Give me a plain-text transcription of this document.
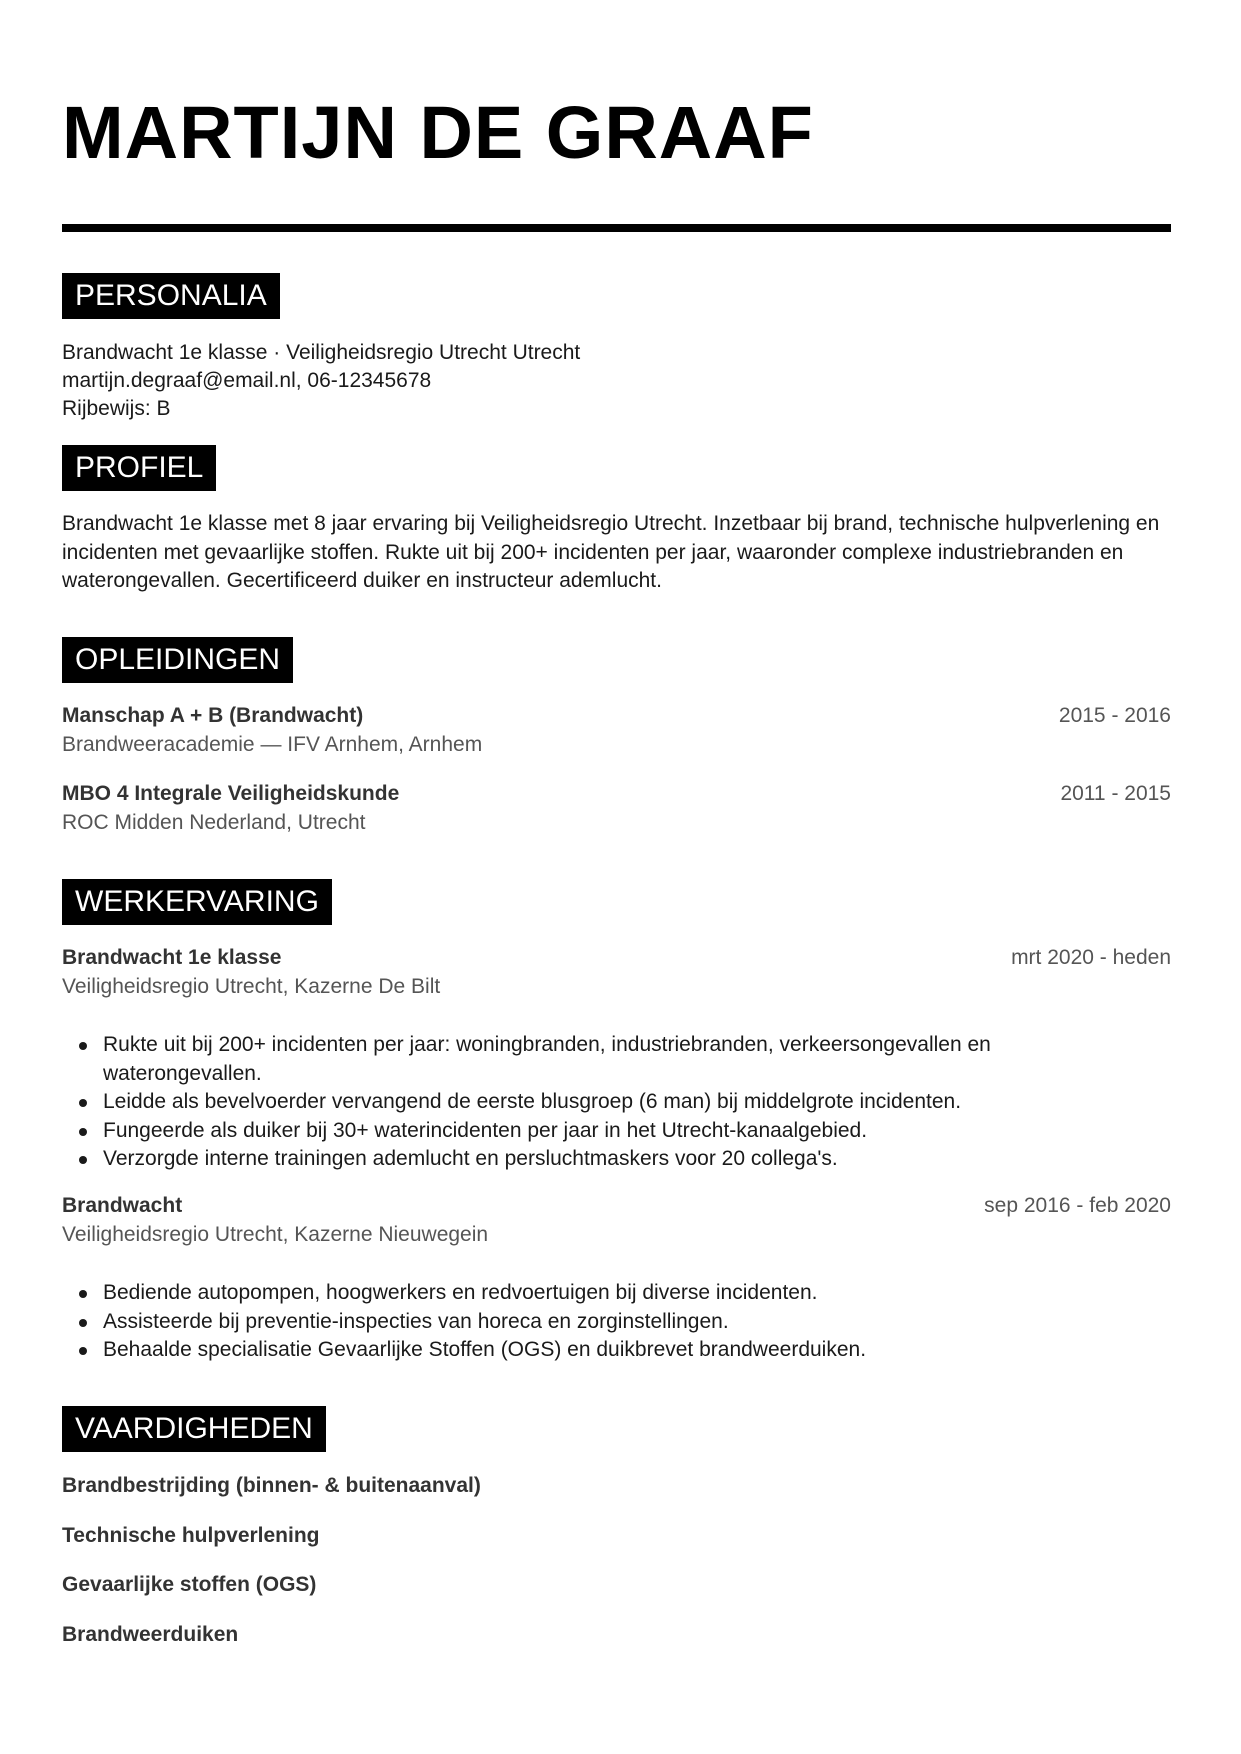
MARTIJN DE GRAAF
PERSONALIA
Brandwacht 1e klasse · Veiligheidsregio Utrecht Utrecht
martijn.degraaf@email.nl, 06-12345678
Rijbewijs: B
PROFIEL

Brandwacht 1e klasse met 8 jaar ervaring bij Veiligheidsregio Utrecht. Inzetbaar bij brand, technische hulpverlening en incidenten met gevaarlijke stoffen. Rukte uit bij 200+ incidenten per jaar, waaronder complexe industriebranden en waterongevallen. Gecertificeerd duiker en instructeur ademlucht.

OPLEIDINGEN
Manschap A + B (Brandwacht)	2015 - 2016
Brandweeracademie — IFV Arnhem, Arnhem
MBO 4 Integrale Veiligheidskunde	2011 - 2015
ROC Midden Nederland, Utrecht
WERKERVARING
Brandwacht 1e klasse	mrt 2020 - heden
Veiligheidsregio Utrecht, Kazerne De Bilt
Rukte uit bij 200+ incidenten per jaar: woningbranden, industriebranden, verkeersongevallen en waterongevallen.
Leidde als bevelvoerder vervangend de eerste blusgroep (6 man) bij middelgrote incidenten.
Fungeerde als duiker bij 30+ waterincidenten per jaar in het Utrecht-kanaalgebied.
Verzorgde interne trainingen ademlucht en persluchtmaskers voor 20 collega's.
Brandwacht	sep 2016 - feb 2020
Veiligheidsregio Utrecht, Kazerne Nieuwegein
Bediende autopompen, hoogwerkers en redvoertuigen bij diverse incidenten.
Assisteerde bij preventie-inspecties van horeca en zorginstellingen.
Behaalde specialisatie Gevaarlijke Stoffen (OGS) en duikbrevet brandweerduiken.
VAARDIGHEDEN
Brandbestrijding (binnen- & buitenaanval)
Technische hulpverlening
Gevaarlijke stoffen (OGS)
Brandweerduiken
